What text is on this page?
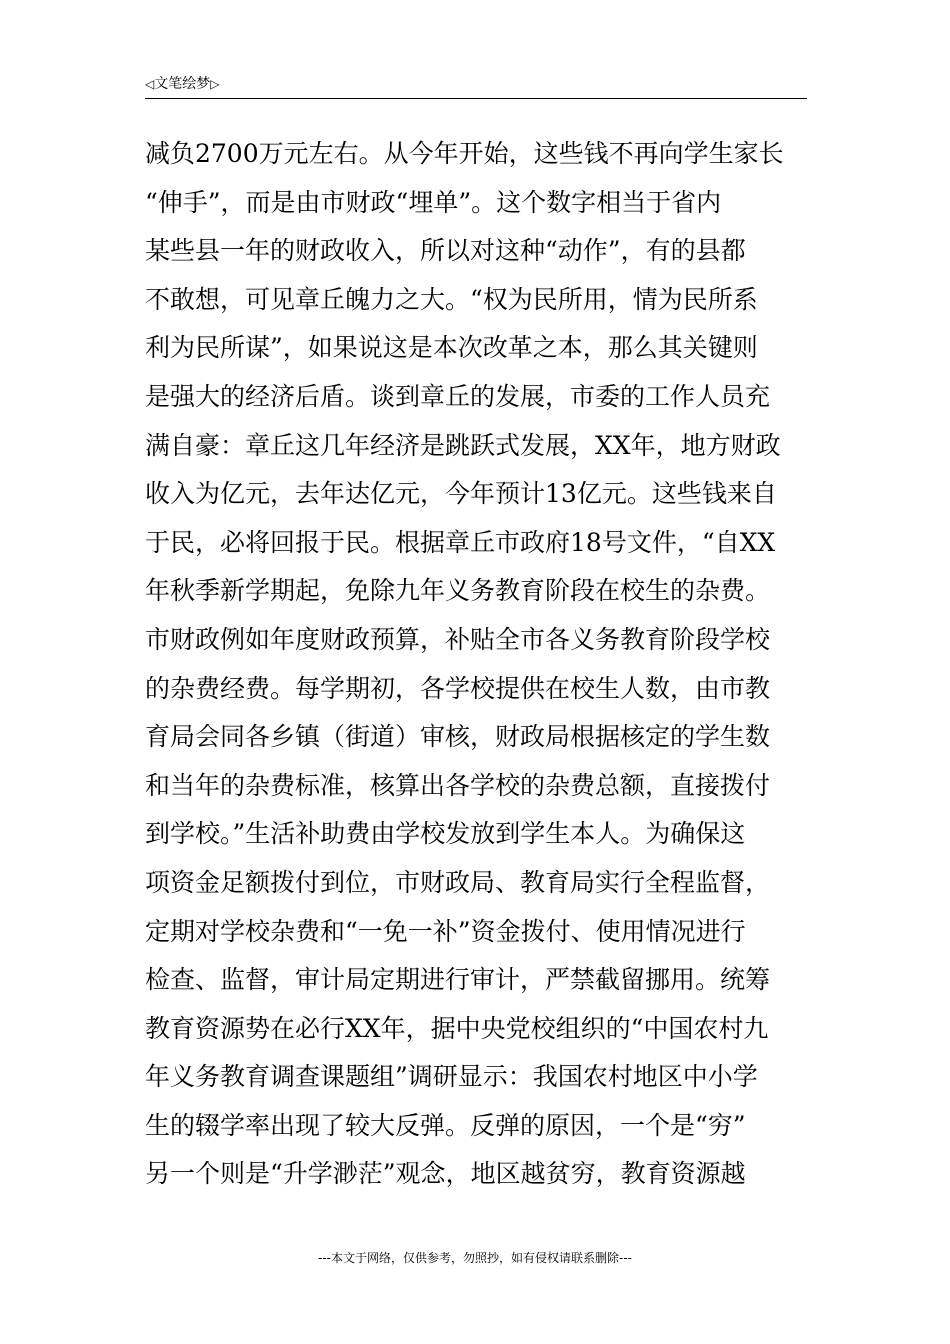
◁文笔绘梦▷
减负2700万元左右。从今年开始，这些钱不再向学生家长
“伸手”，而是由市财政“埋单”。这个数字相当于省内
某些县一年的财政收入，所以对这种“动作”，有的县都
不敢想，可见章丘魄力之大。“权为民所用，情为民所系
利为民所谋”，如果说这是本次改革之本，那么其关键则
是强大的经济后盾。谈到章丘的发展，市委的工作人员充
满自豪：章丘这几年经济是跳跃式发展，XX年，地方财政
收入为亿元，去年达亿元，今年预计13亿元。这些钱来自
于民，必将回报于民。根据章丘市政府18号文件，“自XX
年秋季新学期起，免除九年义务教育阶段在校生的杂费。
市财政例如年度财政预算，补贴全市各义务教育阶段学校
的杂费经费。每学期初，各学校提供在校生人数，由市教
育局会同各乡镇（街道）审核，财政局根据核定的学生数
和当年的杂费标准，核算出各学校的杂费总额，直接拨付
到学校。”生活补助费由学校发放到学生本人。为确保这
项资金足额拨付到位，市财政局、教育局实行全程监督，
定期对学校杂费和“一免一补”资金拨付、使用情况进行
检查、监督，审计局定期进行审计，严禁截留挪用。统筹
教育资源势在必行XX年，据中央党校组织的“中国农村九
年义务教育调查课题组”调研显示：我国农村地区中小学
生的辍学率出现了较大反弹。反弹的原因，一个是“穷”
另一个则是“升学渺茫”观念，地区越贫穷，教育资源越
---本文于网络，仅供参考，勿照抄，如有侵权请联系删除---
